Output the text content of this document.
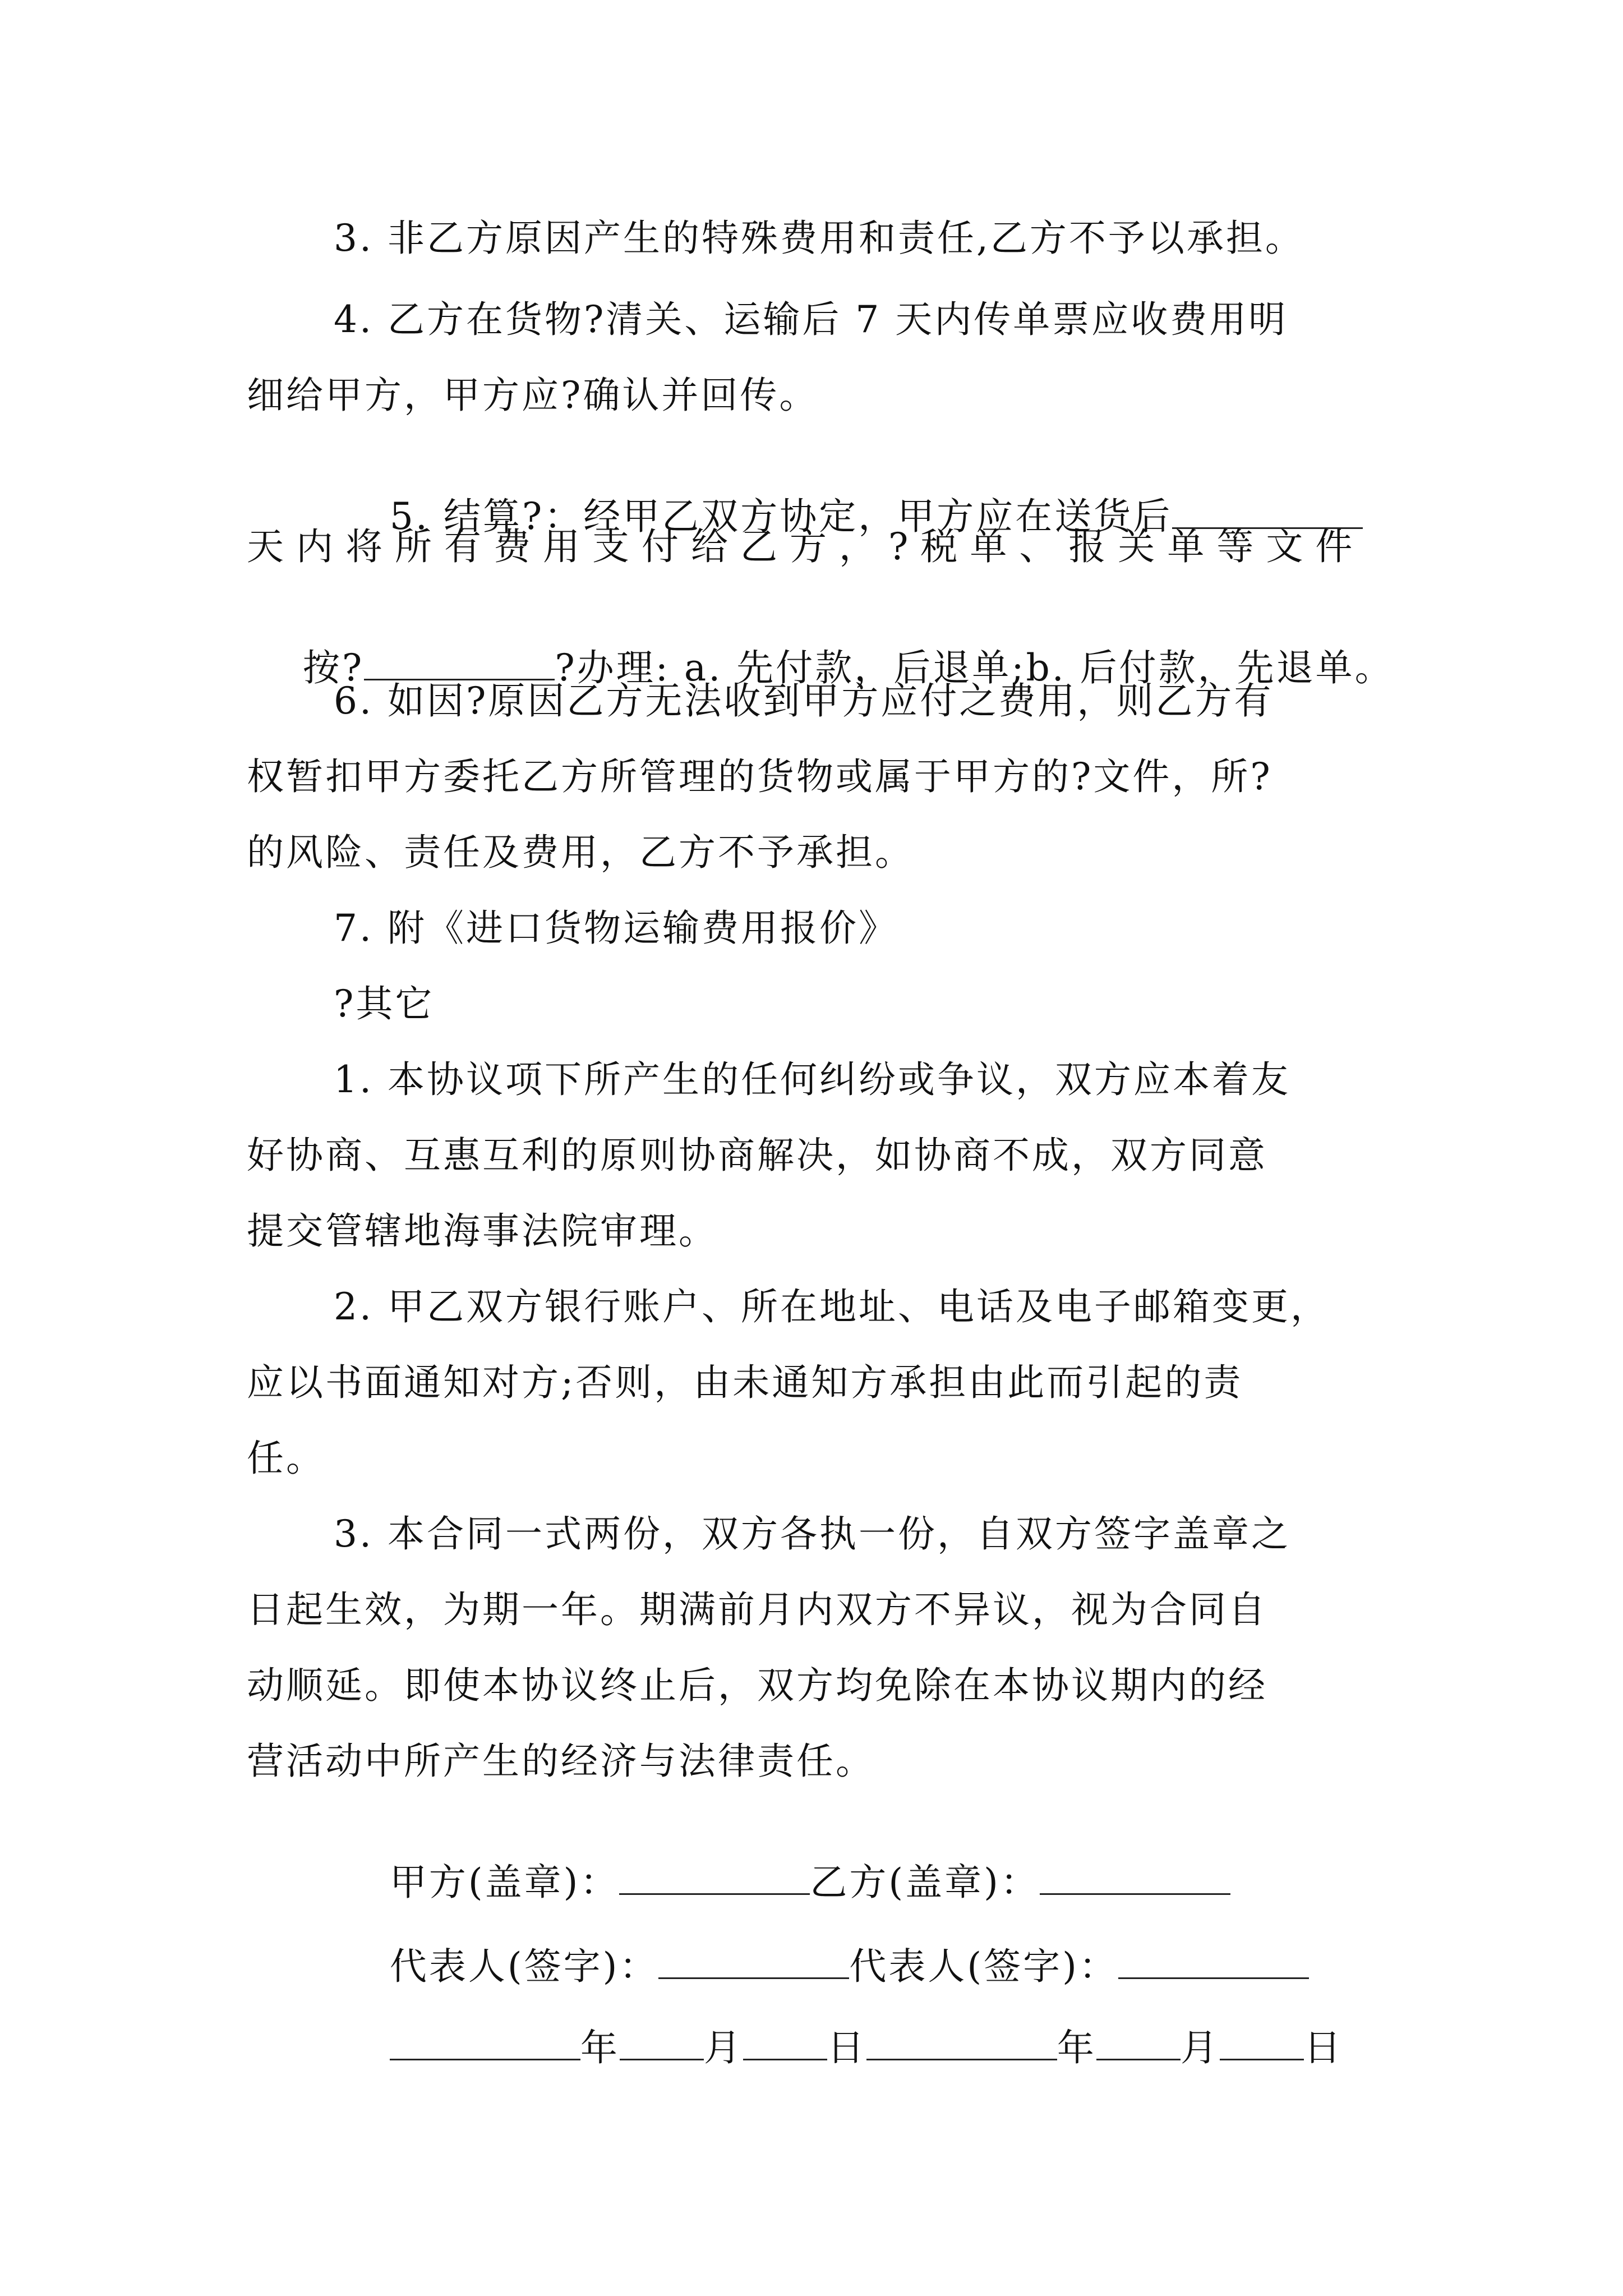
3. 非乙方原因产生的特殊费用和责任,乙方不予以承担。
4. 乙方在货物?清关、运输后 7 天内传单票应收费用明
细给甲方，甲方应?确认并回传。

5. 结算?：经甲乙双方协定，甲方应在送货后

天内将所有费用支付给乙方，?税单、报关单等文件

按?	?办理: a. 先付款，后退单;b. 后付款，先退单。

6. 如因?原因乙方无法收到甲方应付之费用，则乙方有
权暂扣甲方委托乙方所管理的货物或属于甲方的?文件，所?
的风险、责任及费用，乙方不予承担。
7. 附《进口货物运输费用报价》
?其它
1. 本协议项下所产生的任何纠纷或争议，双方应本着友
好协商、互惠互利的原则协商解决，如协商不成，双方同意
提交管辖地海事法院审理。
2. 甲乙双方银行账户、所在地址、电话及电子邮箱变更，
应以书面通知对方;否则，由未通知方承担由此而引起的责
任。
3. 本合同一式两份，双方各执一份，自双方签字盖章之
日起生效，为期一年。期满前月内双方不异议，视为合同自
动顺延。即使本协议终止后，双方均免除在本协议期内的经
营活动中所产生的经济与法律责任。

甲方(盖章)：	乙方(盖章)：

代表人(签字)：	代表人(签字)：

年 月 日	年 月 日
